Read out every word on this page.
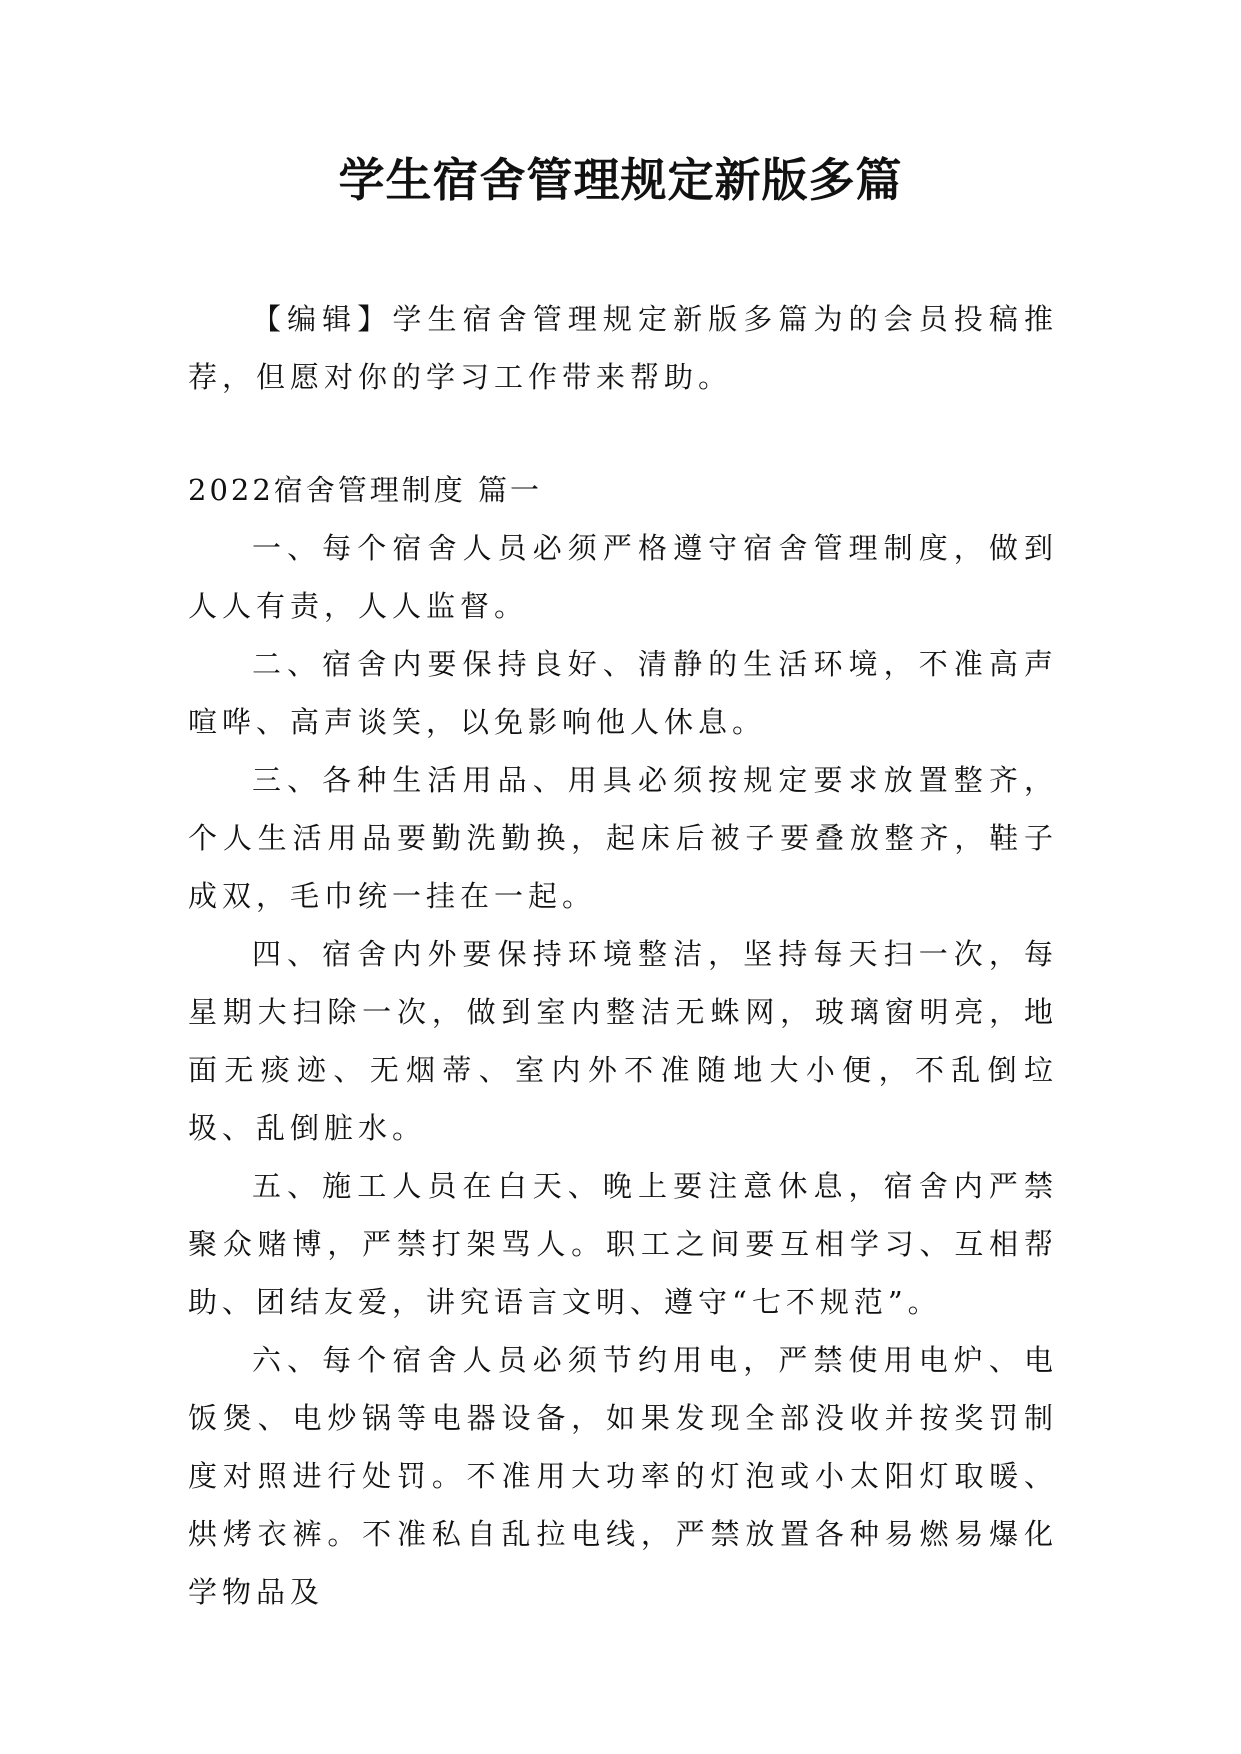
学生宿舍管理规定新版多篇

【编辑】学生宿舍管理规定新版多篇为的会员投稿推荐，但愿对你的学习工作带来帮助。

2022宿舍管理制度 篇一

一、每个宿舍人员必须严格遵守宿舍管理制度，做到人人有责，人人监督。

二、宿舍内要保持良好、清静的生活环境，不准高声喧哗、高声谈笑，以免影响他人休息。

三、各种生活用品、用具必须按规定要求放置整齐，个人生活用品要勤洗勤换，起床后被子要叠放整齐，鞋子成双，毛巾统一挂在一起。

四、宿舍内外要保持环境整洁，坚持每天扫一次，每星期大扫除一次，做到室内整洁无蛛网，玻璃窗明亮，地面无痰迹、无烟蒂、室内外不准随地大小便，不乱倒垃圾、乱倒脏水。

五、施工人员在白天、晚上要注意休息，宿舍内严禁聚众赌博，严禁打架骂人。职工之间要互相学习、互相帮助、团结友爱，讲究语言文明、遵守“七不规范”。

六、每个宿舍人员必须节约用电，严禁使用电炉、电饭煲、电炒锅等电器设备，如果发现全部没收并按奖罚制度对照进行处罚。不准用大功率的灯泡或小太阳灯取暖、烘烤衣裤。不准私自乱拉电线，严禁放置各种易燃易爆化学物品及
